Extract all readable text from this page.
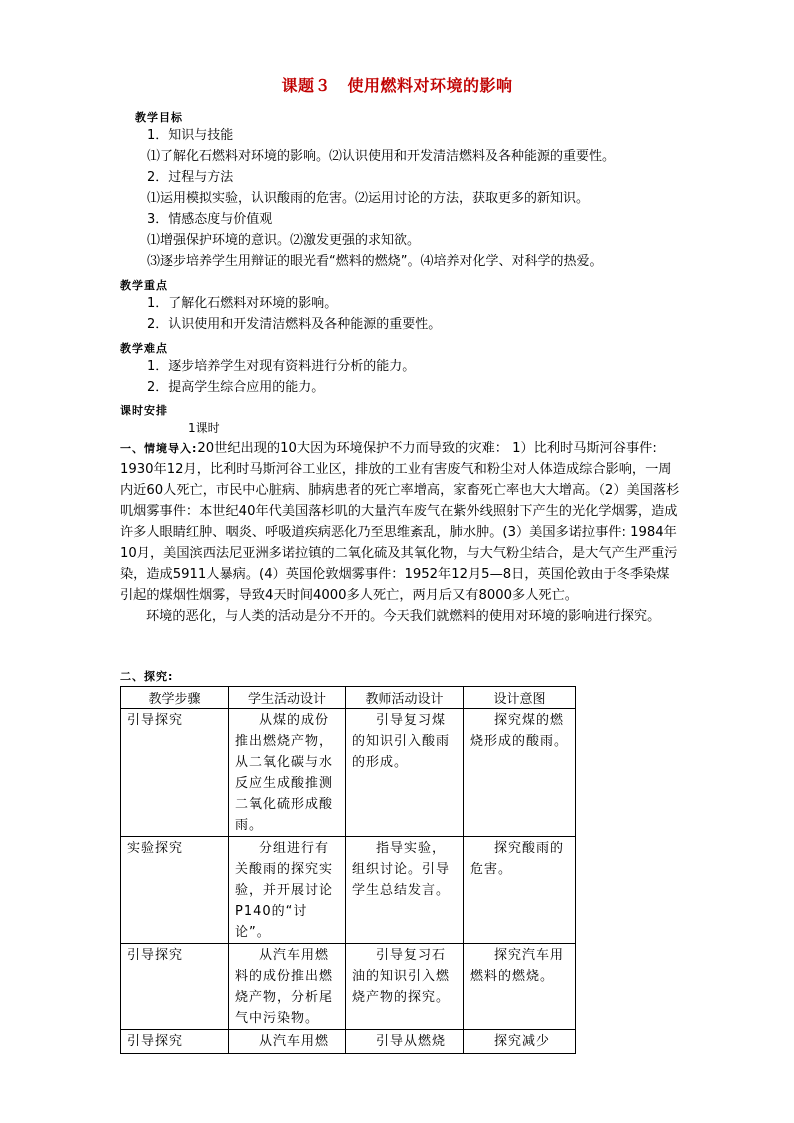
课题３　使用燃料对环境的影响
教学目标
1．知识与技能
⑴了解化石燃料对环境的影响。⑵认识使用和开发清洁燃料及各种能源的重要性。
2．过程与方法
⑴运用模拟实验，认识酸雨的危害。⑵运用讨论的方法，获取更多的新知识。
3．情感态度与价值观
⑴增强保护环境的意识。⑵激发更强的求知欲。
⑶逐步培养学生用辩证的眼光看“燃料的燃烧”。⑷培养对化学、对科学的热爱。
教学重点
1．了解化石燃料对环境的影响。
2．认识使用和开发清洁燃料及各种能源的重要性。
教学难点
1．逐步培养学生对现有资料进行分析的能力。
2．提高学生综合应用的能力。
课时安排
1课时

一、情境导入:20世纪出现的10大因为环境保护不力而导致的灾难： 1）比利时马斯河谷事件: 1930年12月，比利时马斯河谷工业区，排放的工业有害废气和粉尘对人体造成综合影响，一周内近60人死亡，市民中心脏病、肺病患者的死亡率增高，家畜死亡率也大大增高。（2）美国落杉叽烟雾事件：本世纪40年代美国落杉叽的大量汽车废气在紫外线照射下产生的光化学烟雾，造成许多人眼睛红肿、咽炎、呼吸道疾病恶化乃至思维紊乱，肺水肿。(3）美国多诺拉事件: 1984年10月，美国滨西法尼亚洲多诺拉镇的二氧化硫及其氧化物，与大气粉尘结合，是大气产生严重污染，造成5911人暴病。(4）英国伦敦烟雾事件：1952年12月5—8日，英国伦敦由于冬季染煤引起的煤烟性烟雾，导致4天时间4000多人死亡，两月后又有8000多人死亡。

环境的恶化，与人类的活动是分不开的。今天我们就燃料的使用对环境的影响进行探究。

二、探究:
教学步骤	学生活动设计	教师活动设计	设计意图
引导探究	从煤的成份推出燃烧产物，从二氧化碳与水反应生成酸推测二氧化硫形成酸雨。	引导复习煤的知识引入酸雨的形成。	探究煤的燃烧形成的酸雨。
实验探究	分组进行有关酸雨的探究实验，并开展讨论P140的“讨论”。	指导实验，组织讨论。引导学生总结发言。	探究酸雨的危害。
引导探究	从汽车用燃料的成份推出燃烧产物，分析尾气中污染物。	引导复习石油的知识引入燃烧产物的探究。	探究汽车用燃料的燃烧。
引导探究	从汽车用燃	引导从燃烧	探究减少
